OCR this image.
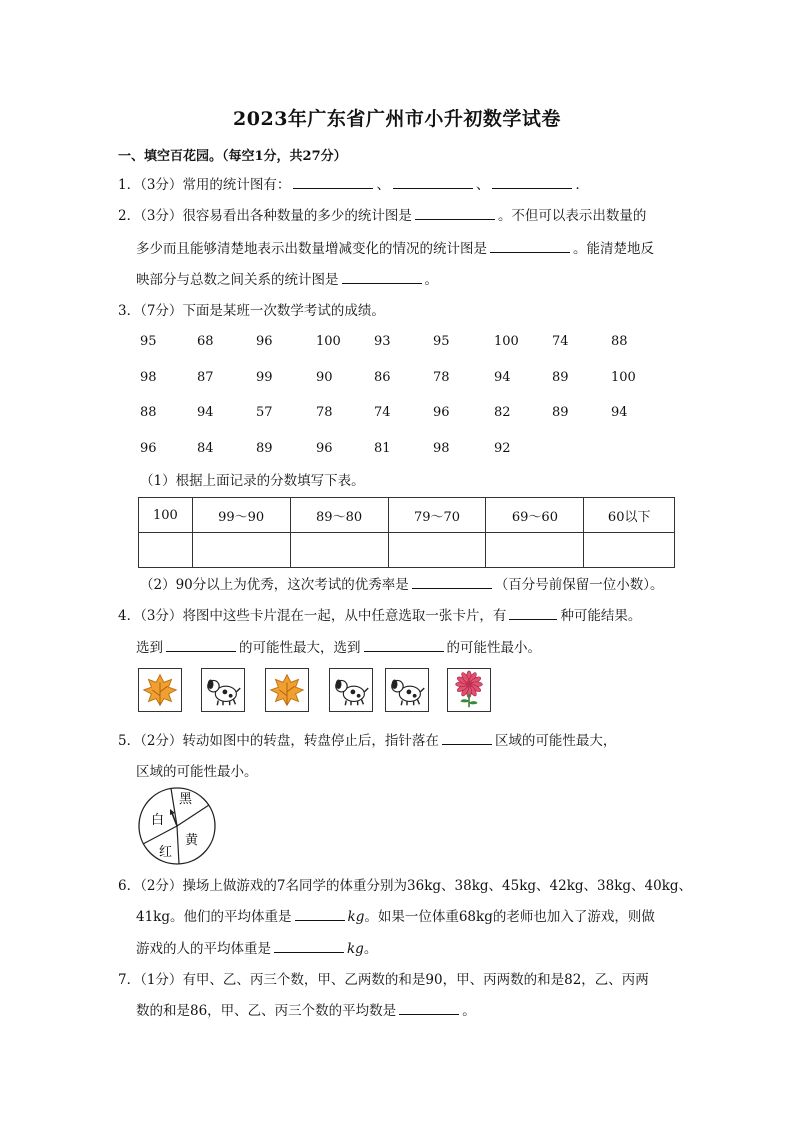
2023年广东省广州市小升初数学试卷
一、填空百花园。（每空1分，共27分）
1．（3分）常用的统计图有：	、	、	．
2．（3分）很容易看出各种数量的多少的统计图是	。不但可以表示出数量的
多少而且能够清楚地表示出数量增减变化的情况的统计图是	。能清楚地反
映部分与总数之间关系的统计图是	。
3．（7分）下面是某班一次数学考试的成绩。
95	68	96	100	93	95	100	74	88
98	87	99	90	86	78	94	89	100
88	94	57	78	74	96	82	89	94
96	84	89	96	81	98	92
（1）根据上面记录的分数填写下表。
100	99～90	89～80	79～70	69～60	60以下

（2）90分以上为优秀，这次考试的优秀率是	（百分号前保留一位小数）。
4．（3分）将图中这些卡片混在一起，从中任意选取一张卡片，有	种可能结果。
选到	的可能性最大，选到	的可能性最小。
5．（2分）转动如图中的转盘，转盘停止后，指针落在	区域的可能性最大，
区域的可能性最小。
黑
白
黄
红
6．（2分）操场上做游戏的7名同学的体重分别为36kg、38kg、45kg、42kg、38kg、40kg、
41kg。他们的平均体重是	kg。如果一位体重68kg的老师也加入了游戏，则做
游戏的人的平均体重是	kg。
7．（1分）有甲、乙、丙三个数，甲、乙两数的和是90，甲、丙两数的和是82，乙、丙两
数的和是86，甲、乙、丙三个数的平均数是	。
